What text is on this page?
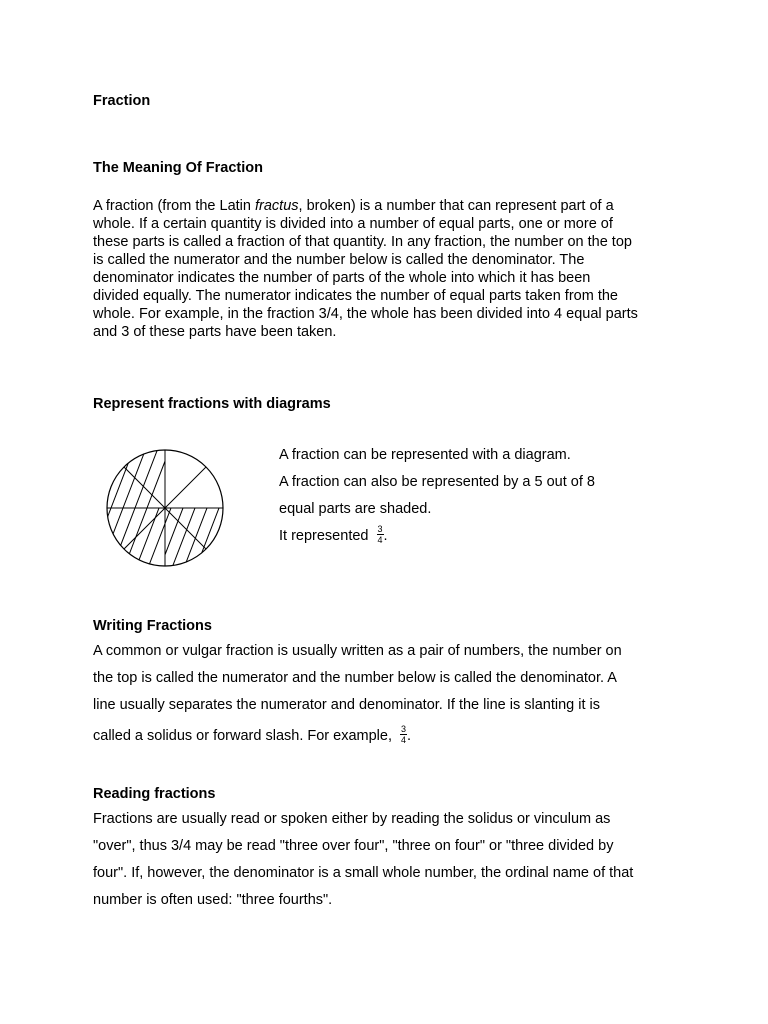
Fraction

The Meaning Of Fraction

A fraction (from the Latin fractus, broken) is a number that can represent part of a
whole. If a certain quantity is divided into a number of equal parts, one or more of
these parts is called a fraction of that quantity. In any fraction, the number on the top
is called the numerator and the number below is called the denominator. The
denominator indicates the number of parts of the whole into which it has been
divided equally. The numerator indicates the number of equal parts taken from the
whole. For example, in the fraction 3/4, the whole has been divided into 4 equal parts
and 3 of these parts have been taken.

Represent fractions with diagrams

A fraction can be represented with a diagram.
A fraction can also be represented by a 5 out of 8
equal parts are shaded.
It represented $\frac{3}{4}$ .

Writing Fractions

A common or vulgar fraction is usually written as a pair of numbers, the number on
the top is called the numerator and the number below is called the denominator. A
line usually separates the numerator and denominator. If the line is slanting it is
called a solidus or forward slash. For example, $\frac{3}{4}$ .

Reading fractions

Fractions are usually read or spoken either by reading the solidus or vinculum as
"over", thus 3/4 may be read "three over four", "three on four" or "three divided by
four". If, however, the denominator is a small whole number, the ordinal name of that
number is often used: "three fourths".
